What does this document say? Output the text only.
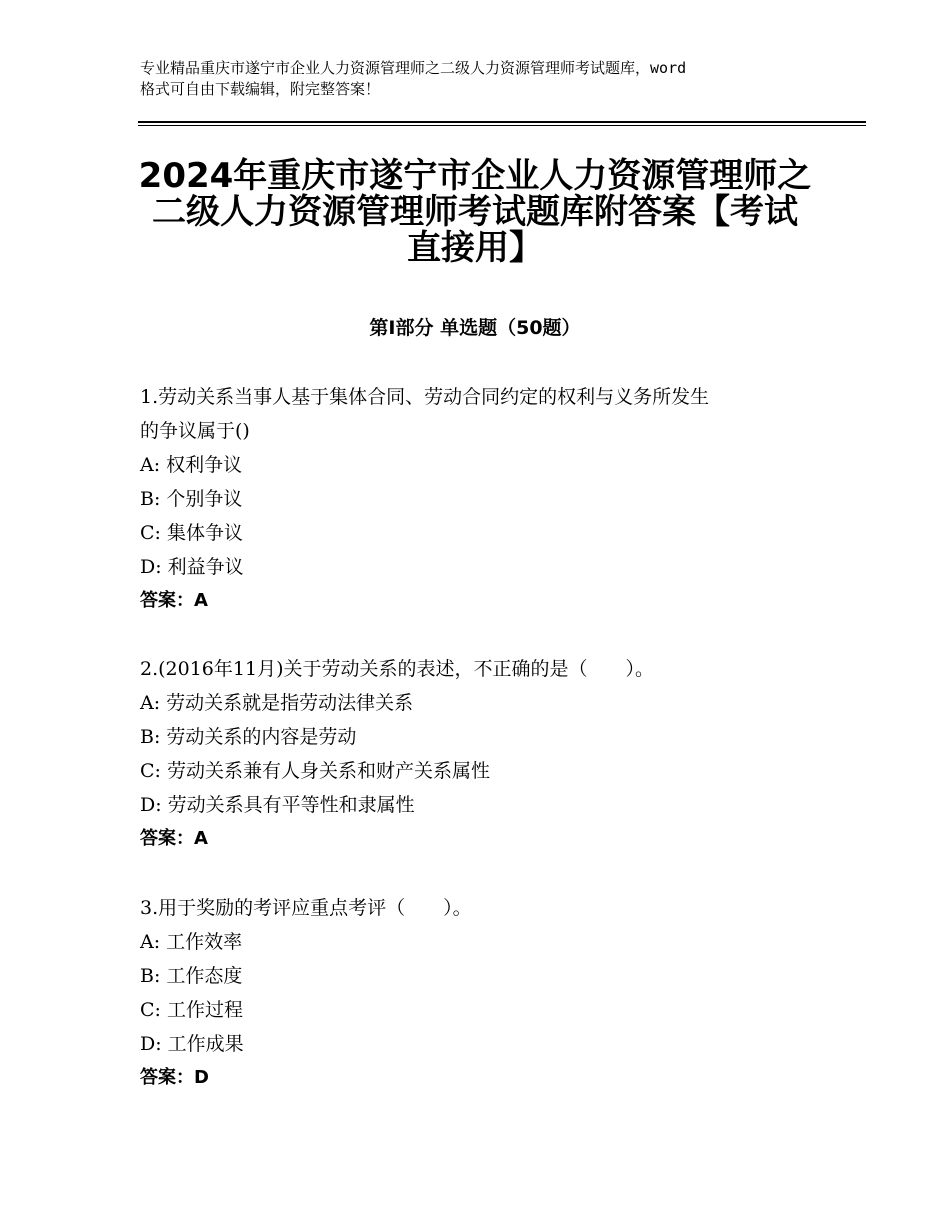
专业精品重庆市遂宁市企业人力资源管理师之二级人力资源管理师考试题库，word
格式可自由下载编辑，附完整答案！
2024年重庆市遂宁市企业人力资源管理师之
二级人力资源管理师考试题库附答案【考试
直接用】
第Ⅰ部分 单选题（50题）
1.劳动关系当事人基于集体合同、劳动合同约定的权利与义务所发生
的争议属于()
A: 权利争议
B: 个别争议
C: 集体争议
D: 利益争议
答案：A
2.(2016年11月)关于劳动关系的表述，不正确的是（　　）。
A: 劳动关系就是指劳动法律关系
B: 劳动关系的内容是劳动
C: 劳动关系兼有人身关系和财产关系属性
D: 劳动关系具有平等性和隶属性
答案：A
3.用于奖励的考评应重点考评（　　）。
A: 工作效率
B: 工作态度
C: 工作过程
D: 工作成果
答案：D
